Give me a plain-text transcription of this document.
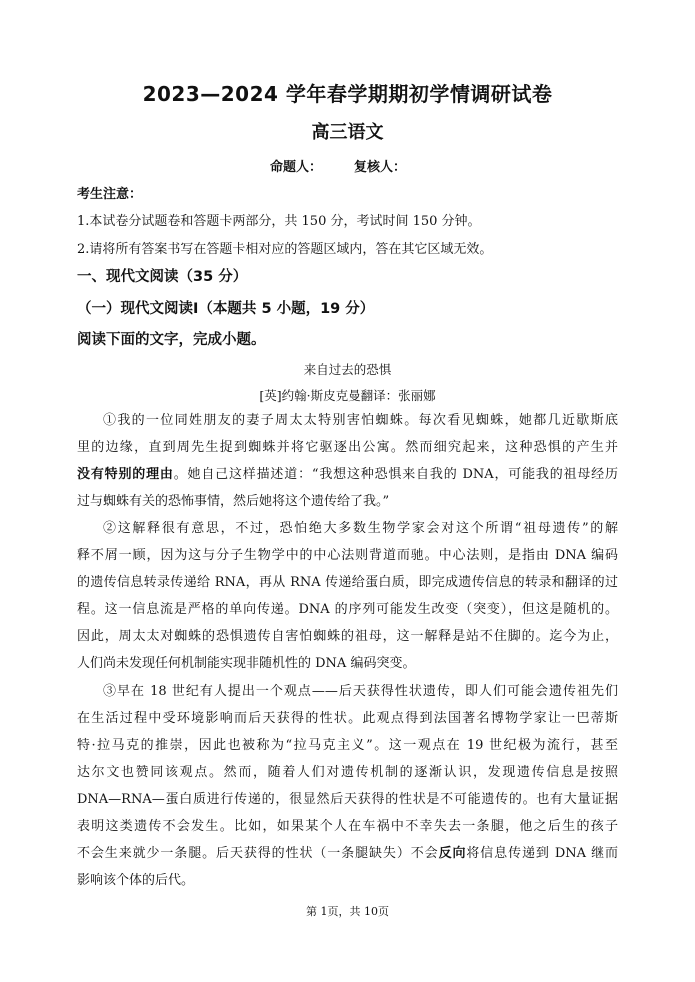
2023—2024 学年春学期期初学情调研试卷
高三语文
命题人： 复核人：
考生注意：
1.本试卷分试题卷和答题卡两部分，共 150 分，考试时间 150 分钟。
2.请将所有答案书写在答题卡相对应的答题区域内，答在其它区域无效。
一、现代文阅读（35 分）
（一）现代文阅读Ⅰ（本题共 5 小题，19 分）
阅读下面的文字，完成小题。
来自过去的恐惧
[英]约翰·斯皮克曼翻译：张丽娜
①我的一位同姓朋友的妻子周太太特别害怕蜘蛛。每次看见蜘蛛，她都几近歇斯底
里的边缘，直到周先生捉到蜘蛛并将它驱逐出公寓。然而细究起来，这种恐惧的产生并
没有特别的理由。她自己这样描述道：“我想这种恐惧来自我的 DNA，可能我的祖母经历
过与蜘蛛有关的恐怖事情，然后她将这个遗传给了我。”
②这解释很有意思，不过，恐怕绝大多数生物学家会对这个所谓“祖母遗传”的解
释不屑一顾，因为这与分子生物学中的中心法则背道而驰。中心法则，是指由 DNA 编码
的遗传信息转录传递给 RNA，再从 RNA 传递给蛋白质，即完成遗传信息的转录和翻译的过
程。这一信息流是严格的单向传递。DNA 的序列可能发生改变（突变），但这是随机的。
因此，周太太对蜘蛛的恐惧遗传自害怕蜘蛛的祖母，这一解释是站不住脚的。迄今为止，
人们尚未发现任何机制能实现非随机性的 DNA 编码突变。
③早在 18 世纪有人提出一个观点——后天获得性状遗传，即人们可能会遗传祖先们
在生活过程中受环境影响而后天获得的性状。此观点得到法国著名博物学家让一巴蒂斯
特·拉马克的推崇，因此也被称为“拉马克主义”。这一观点在 19 世纪极为流行，甚至
达尔文也赞同该观点。然而，随着人们对遗传机制的逐渐认识，发现遗传信息是按照
DNA—RNA—蛋白质进行传递的，很显然后天获得的性状是不可能遗传的。也有大量证据
表明这类遗传不会发生。比如，如果某个人在车祸中不幸失去一条腿，他之后生的孩子
不会生来就少一条腿。后天获得的性状（一条腿缺失）不会反向将信息传递到 DNA 继而
影响该个体的后代。
第 1页，共 10页
